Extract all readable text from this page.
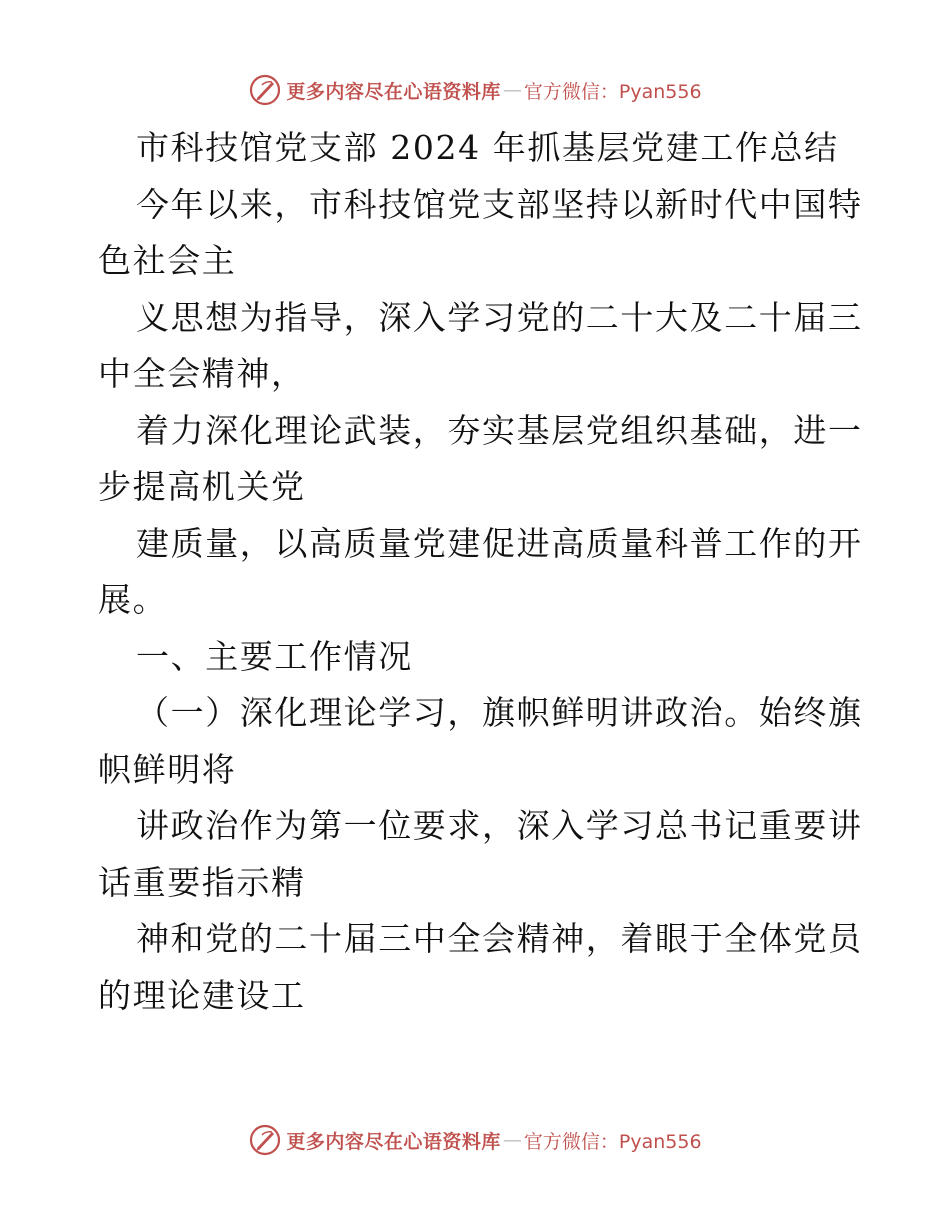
更多内容尽在心语资料库 — 官方微信：Pyan556
市科技馆党支部 2024 年抓基层党建工作总结
今年以来，市科技馆党支部坚持以新时代中国特
色社会主
义思想为指导，深入学习党的二十大及二十届三
中全会精神，
着力深化理论武装，夯实基层党组织基础，进一
步提高机关党
建质量，以高质量党建促进高质量科普工作的开
展。
一、主要工作情况
（一）深化理论学习，旗帜鲜明讲政治。始终旗
帜鲜明将
讲政治作为第一位要求，深入学习总书记重要讲
话重要指示精
神和党的二十届三中全会精神，着眼于全体党员
的理论建设工
更多内容尽在心语资料库 — 官方微信：Pyan556
